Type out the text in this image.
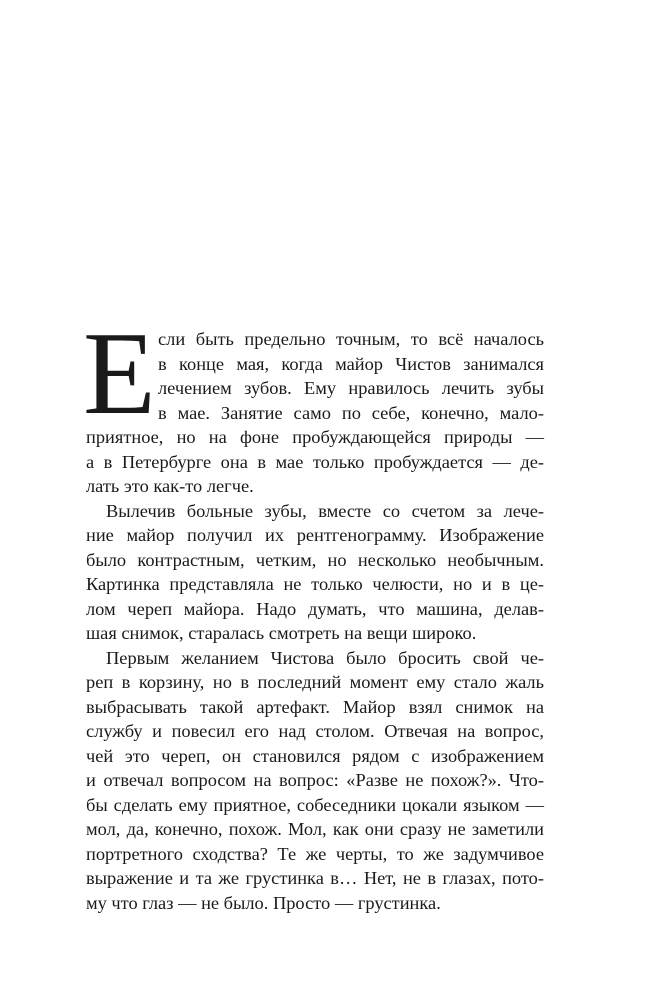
Е сли быть предельно точным, то всё началось
в конце мая, когда майор Чистов занимался
лечением зубов. Ему нравилось лечить зубы
в мае. Занятие само по себе, конечно, мало-
приятное, но на фоне пробуждающейся природы —
а в Петербурге она в мае только пробуждается — де-
лать это как-то легче.
Вылечив больные зубы, вместе со счетом за лече-
ние майор получил их рентгенограмму. Изображение
было контрастным, четким, но несколько необычным.
Картинка представляла не только челюсти, но и в це-
лом череп майора. Надо думать, что машина, делав-
шая снимок, старалась смотреть на вещи широко.
Первым желанием Чистова было бросить свой че-
реп в корзину, но в последний момент ему стало жаль
выбрасывать такой артефакт. Майор взял снимок на
службу и повесил его над столом. Отвечая на вопрос,
чей это череп, он становился рядом с изображением
и отвечал вопросом на вопрос: «Разве не похож?». Что-
бы сделать ему приятное, собеседники цокали языком —
мол, да, конечно, похож. Мол, как они сразу не заметили
портретного сходства? Те же черты, то же задумчивое
выражение и та же грустинка в… Нет, не в глазах, пото-
му что глаз — не было. Просто — грустинка.
